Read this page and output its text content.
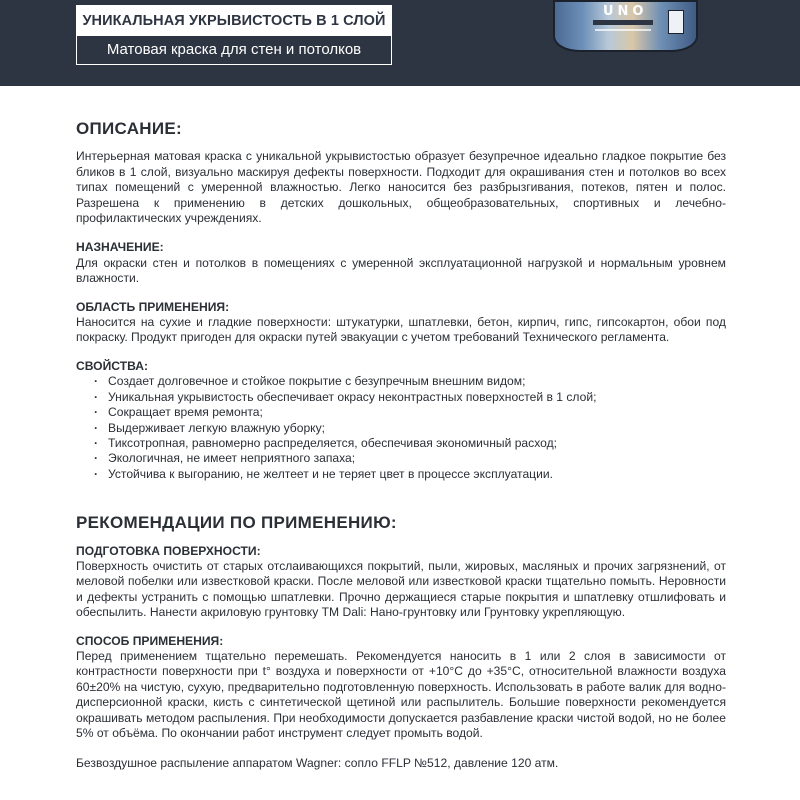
УНИКАЛЬНАЯ УКРЫВИСТОСТЬ В 1 СЛОЙ
Матовая краска для стен и потолков
UNO
ОПИСАНИЕ:

Интерьерная матовая краска с уникальной укрывистостью образует безупречное идеально гладкое покрытие без бликов в 1 слой, визуально маскируя дефекты поверхности. Подходит для окрашивания стен и потолков во всех типах помещений с умеренной влажностью. Легко наносится без разбрызгивания, потеков, пятен и полос. Разрешена к применению в детских дошкольных, общеобразовательных, спортивных и лечебно-профилактических учреждениях.

НАЗНАЧЕНИЕ:

Для окраски стен и потолков в помещениях с умеренной эксплуатационной нагрузкой и нормальным уровнем влажности.

ОБЛАСТЬ ПРИМЕНЕНИЯ:

Наносится на сухие и гладкие поверхности: штукатурки, шпатлевки, бетон, кирпич, гипс, гипсокартон, обои под покраску. Продукт пригоден для окраски путей эвакуации с учетом требований Технического регламента.

СВОЙСТВА:
· Создает долговечное и стойкое покрытие с безупречным внешним видом;
· Уникальная укрывистость обеспечивает окрасу неконтрастных поверхностей в 1 слой;
· Сокращает время ремонта;
· Выдерживает легкую влажную уборку;
· Тиксотропная, равномерно распределяется, обеспечивая экономичный расход;
· Экологичная, не имеет неприятного запаха;
· Устойчива к выгоранию, не желтеет и не теряет цвет в процессе эксплуатации.
РЕКОМЕНДАЦИИ ПО ПРИМЕНЕНИЮ:
ПОДГОТОВКА ПОВЕРХНОСТИ:

Поверхность очистить от старых отслаивающихся покрытий, пыли, жировых, масляных и прочих загрязнений, от меловой побелки или известковой краски. После меловой или известковой краски тщательно помыть. Неровности и дефекты устранить с помощью шпатлевки. Прочно держащиеся старые покрытия и шпатлевку отшлифовать и обеспылить. Нанести акриловую грунтовку ТМ Dali: Нано-грунтовку или Грунтовку укрепляющую.

СПОСОБ ПРИМЕНЕНИЯ:

Перед применением тщательно перемешать. Рекомендуется наносить в 1 или 2 слоя в зависимости от контрастности поверхности при t° воздуха и поверхности от +10°С до +35°С, относительной влажности воздуха 60±20% на чистую, сухую, предварительно подготовленную поверхность. Использовать в работе валик для водно-дисперсионной краски, кисть с синтетической щетиной или распылитель. Большие поверхности рекомендуется окрашивать методом распыления. При необходимости допускается разбавление краски чистой водой, но не более 5% от объёма. По окончании работ инструмент следует промыть водой.

Безвоздушное распыление аппаратом Wagner: сопло FFLP №512, давление 120 атм.
